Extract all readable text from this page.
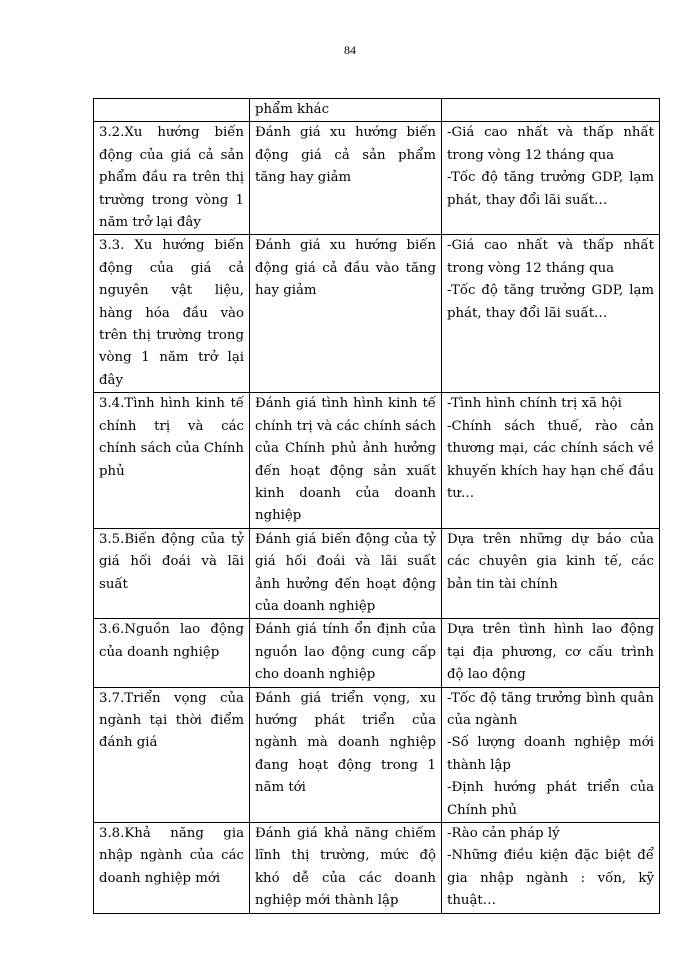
84
	phẩm khác	
3.2.Xu hướng biến động của giá cả sản phẩm đầu ra trên thị trường trong vòng 1 năm trở lại đây	Đánh giá xu hướng biến động giá cả sản phẩm tăng hay giảm	-Giá cao nhất và thấp nhất trong vòng 12 tháng qua
-Tốc độ tăng trưởng GDP, lạm phát, thay đổi lãi suất…

3.3. Xu hướng biến động của giá cả nguyên vật liệu, hàng hóa đầu vào trên thị trường trong vòng 1 năm trở lại đây	Đánh giá xu hướng biến động giá cả đầu vào tăng hay giảm	-Giá cao nhất và thấp nhất trong vòng 12 tháng qua
-Tốc độ tăng trưởng GDP, lạm phát, thay đổi lãi suất…

3.4.Tình hình kinh tế chính trị và các chính sách của Chính phủ	Đánh giá tình hình kinh tế chính trị và các chính sách của Chính phủ ảnh hưởng đến hoạt động sản xuất kinh doanh của doanh nghiệp	-Tình hình chính trị xã hội
-Chính sách thuế, rào cản thương mại, các chính sách về khuyến khích hay hạn chế đầu tư…

3.5.Biến động của tỷ giá hối đoái và lãi suất	Đánh giá biến động của tỷ giá hối đoái và lãi suất ảnh hưởng đến hoạt động của doanh nghiệp	Dựa trên những dự báo của các chuyên gia kinh tế, các bản tin tài chính

3.6.Nguồn lao động của doanh nghiệp	Đánh giá tính ổn định của nguồn lao động cung cấp cho doanh nghiệp	Dựa trên tình hình lao động tại địa phương, cơ cấu trình độ lao động

3.7.Triển vọng của ngành tại thời điểm đánh giá	Đánh giá triển vọng, xu hướng phát triển của ngành mà doanh nghiệp đang hoạt động trong 1 năm tới	-Tốc độ tăng trưởng bình quân của ngành
-Số lượng doanh nghiệp mới thành lập
-Định hướng phát triển của Chính phủ

3.8.Khả năng gia nhập ngành của các doanh nghiệp mới	Đánh giá khả năng chiếm lĩnh thị trường, mức độ khó dễ của các doanh nghiệp mới thành lập	-Rào cản pháp lý
-Những điều kiện đặc biệt để gia nhập ngành : vốn, kỹ thuật…
